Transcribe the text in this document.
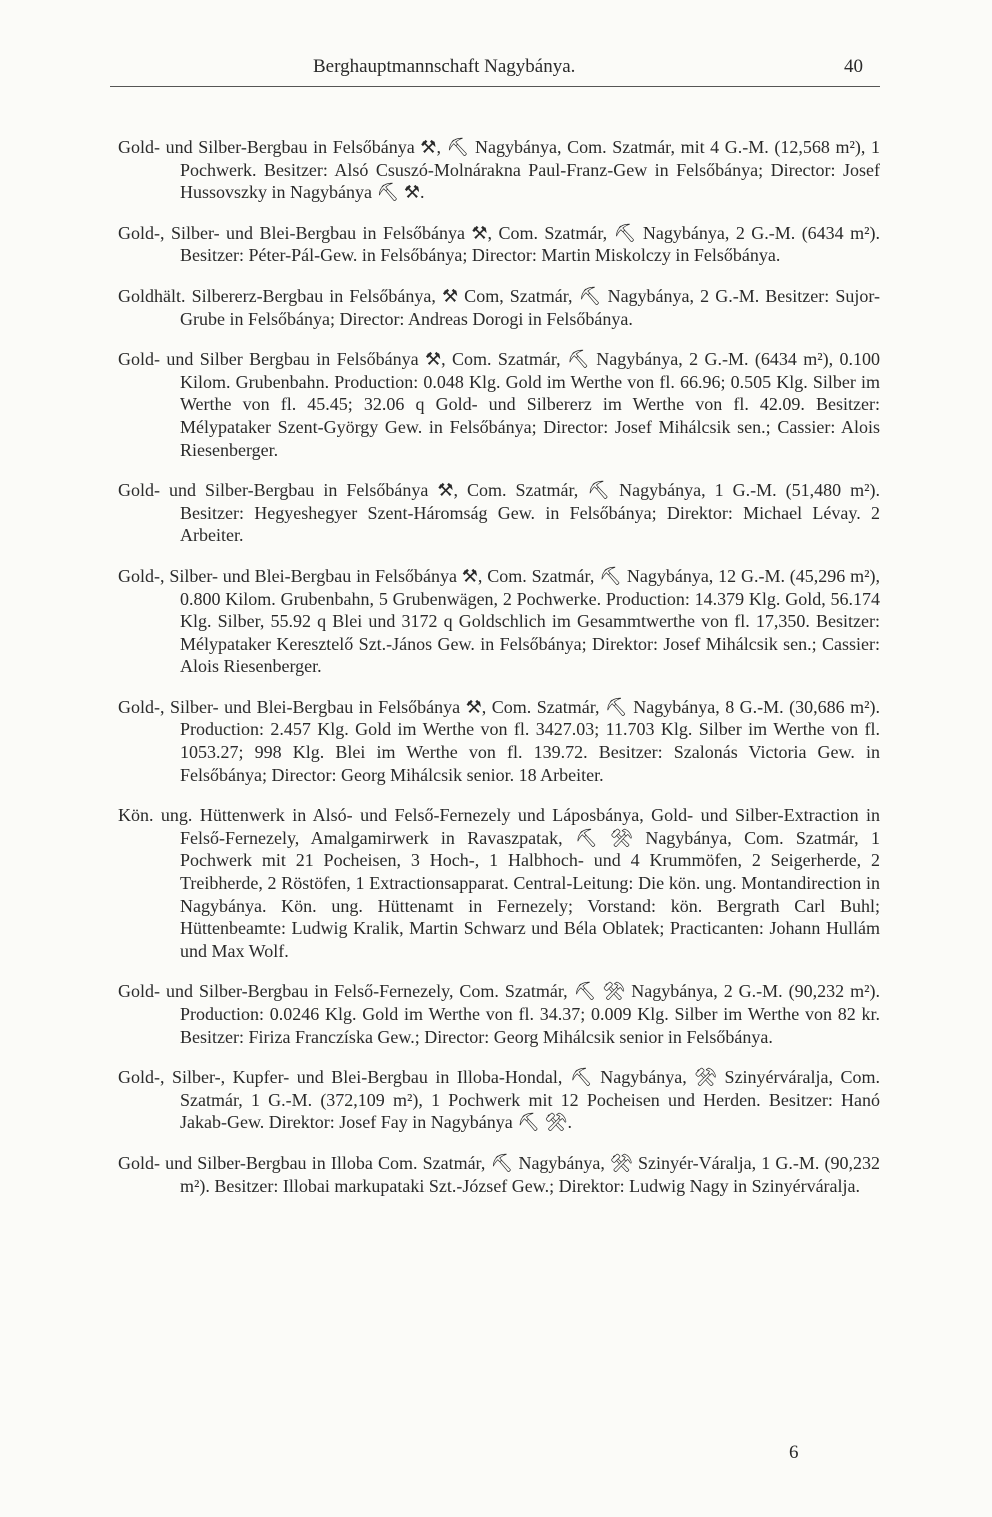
Berghauptmannschaft Nagybánya.	40

Gold- und Silber-Bergbau in Felsőbánya ⚒, ⛏ Nagybánya, Com. Szatmár, mit 4 G.-M. (12,568 m²), 1 Pochwerk. Besitzer: Alsó Csuszó-Molnárakna Paul-Franz-Gew in Felsőbánya; Director: Josef Hussovszky in Nagybánya ⛏ ⚒.

Gold-, Silber- und Blei-Bergbau in Felsőbánya ⚒, Com. Szatmár, ⛏ Nagybánya, 2 G.-M. (6434 m²). Besitzer: Péter-Pál-Gew. in Felsőbánya; Director: Martin Miskolczy in Felsőbánya.

Goldhält. Silbererz-Bergbau in Felsőbánya, ⚒ Com, Szatmár, ⛏ Nagybánya, 2 G.-M. Besitzer: Sujor-Grube in Felsőbánya; Director: Andreas Dorogi in Felsőbánya.

Gold- und Silber Bergbau in Felsőbánya ⚒, Com. Szatmár, ⛏ Nagybánya, 2 G.-M. (6434 m²), 0.100 Kilom. Grubenbahn. Production: 0.048 Klg. Gold im Werthe von fl. 66.96; 0.505 Klg. Silber im Werthe von fl. 45.45; 32.06 q Gold- und Silbererz im Werthe von fl. 42.09. Besitzer: Mélypataker Szent-György Gew. in Felsőbánya; Director: Josef Mihálcsik sen.; Cassier: Alois Riesenberger.

Gold- und Silber-Bergbau in Felsőbánya ⚒, Com. Szatmár, ⛏ Nagybánya, 1 G.-M. (51,480 m²). Besitzer: Hegyeshegyer Szent-Háromság Gew. in Felsőbánya; Direktor: Michael Lévay. 2 Arbeiter.

Gold-, Silber- und Blei-Bergbau in Felsőbánya ⚒, Com. Szatmár, ⛏ Nagybánya, 12 G.-M. (45,296 m²), 0.800 Kilom. Grubenbahn, 5 Grubenwägen, 2 Pochwerke. Production: 14.379 Klg. Gold, 56.174 Klg. Silber, 55.92 q Blei und 3172 q Goldschlich im Gesammtwerthe von fl. 17,350. Besitzer: Mélypataker Keresztelő Szt.-János Gew. in Felsőbánya; Direktor: Josef Mihálcsik sen.; Cassier: Alois Riesenberger.

Gold-, Silber- und Blei-Bergbau in Felsőbánya ⚒, Com. Szatmár, ⛏ Nagybánya, 8 G.-M. (30,686 m²). Production: 2.457 Klg. Gold im Werthe von fl. 3427.03; 11.703 Klg. Silber im Werthe von fl. 1053.27; 998 Klg. Blei im Werthe von fl. 139.72. Besitzer: Szalonás Victoria Gew. in Felsőbánya; Director: Georg Mihálcsik senior. 18 Arbeiter.

Kön. ung. Hüttenwerk in Alsó- und Felső-Fernezely und Láposbánya, Gold- und Silber-Extraction in Felső-Fernezely, Amalgamirwerk in Ravaszpatak, ⛏ ⚒ Nagybánya, Com. Szatmár, 1 Pochwerk mit 21 Pocheisen, 3 Hoch-, 1 Halbhoch- und 4 Krummöfen, 2 Seigerherde, 2 Treibherde, 2 Röstöfen, 1 Extractionsapparat. Central-Leitung: Die kön. ung. Montandirection in Nagybánya. Kön. ung. Hüttenamt in Fernezely; Vorstand: kön. Bergrath Carl Buhl; Hüttenbeamte: Ludwig Kralik, Martin Schwarz und Béla Oblatek; Practicanten: Johann Hullám und Max Wolf.

Gold- und Silber-Bergbau in Felső-Fernezely, Com. Szatmár, ⛏ ⚒ Nagybánya, 2 G.-M. (90,232 m²). Production: 0.0246 Klg. Gold im Werthe von fl. 34.37; 0.009 Klg. Silber im Werthe von 82 kr. Besitzer: Firiza Franczíska Gew.; Director: Georg Mihálcsik senior in Felsőbánya.

Gold-, Silber-, Kupfer- und Blei-Bergbau in Illoba-Hondal, ⛏ Nagybánya, ⚒ Szinyérváralja, Com. Szatmár, 1 G.-M. (372,109 m²), 1 Pochwerk mit 12 Pocheisen und Herden. Besitzer: Hanó Jakab-Gew. Direktor: Josef Fay in Nagybánya ⛏ ⚒.

Gold- und Silber-Bergbau in Illoba Com. Szatmár, ⛏ Nagybánya, ⚒ Szinyér-Váralja, 1 G.-M. (90,232 m²). Besitzer: Illobai markupataki Szt.-József Gew.; Direktor: Ludwig Nagy in Szinyérváralja.

6
